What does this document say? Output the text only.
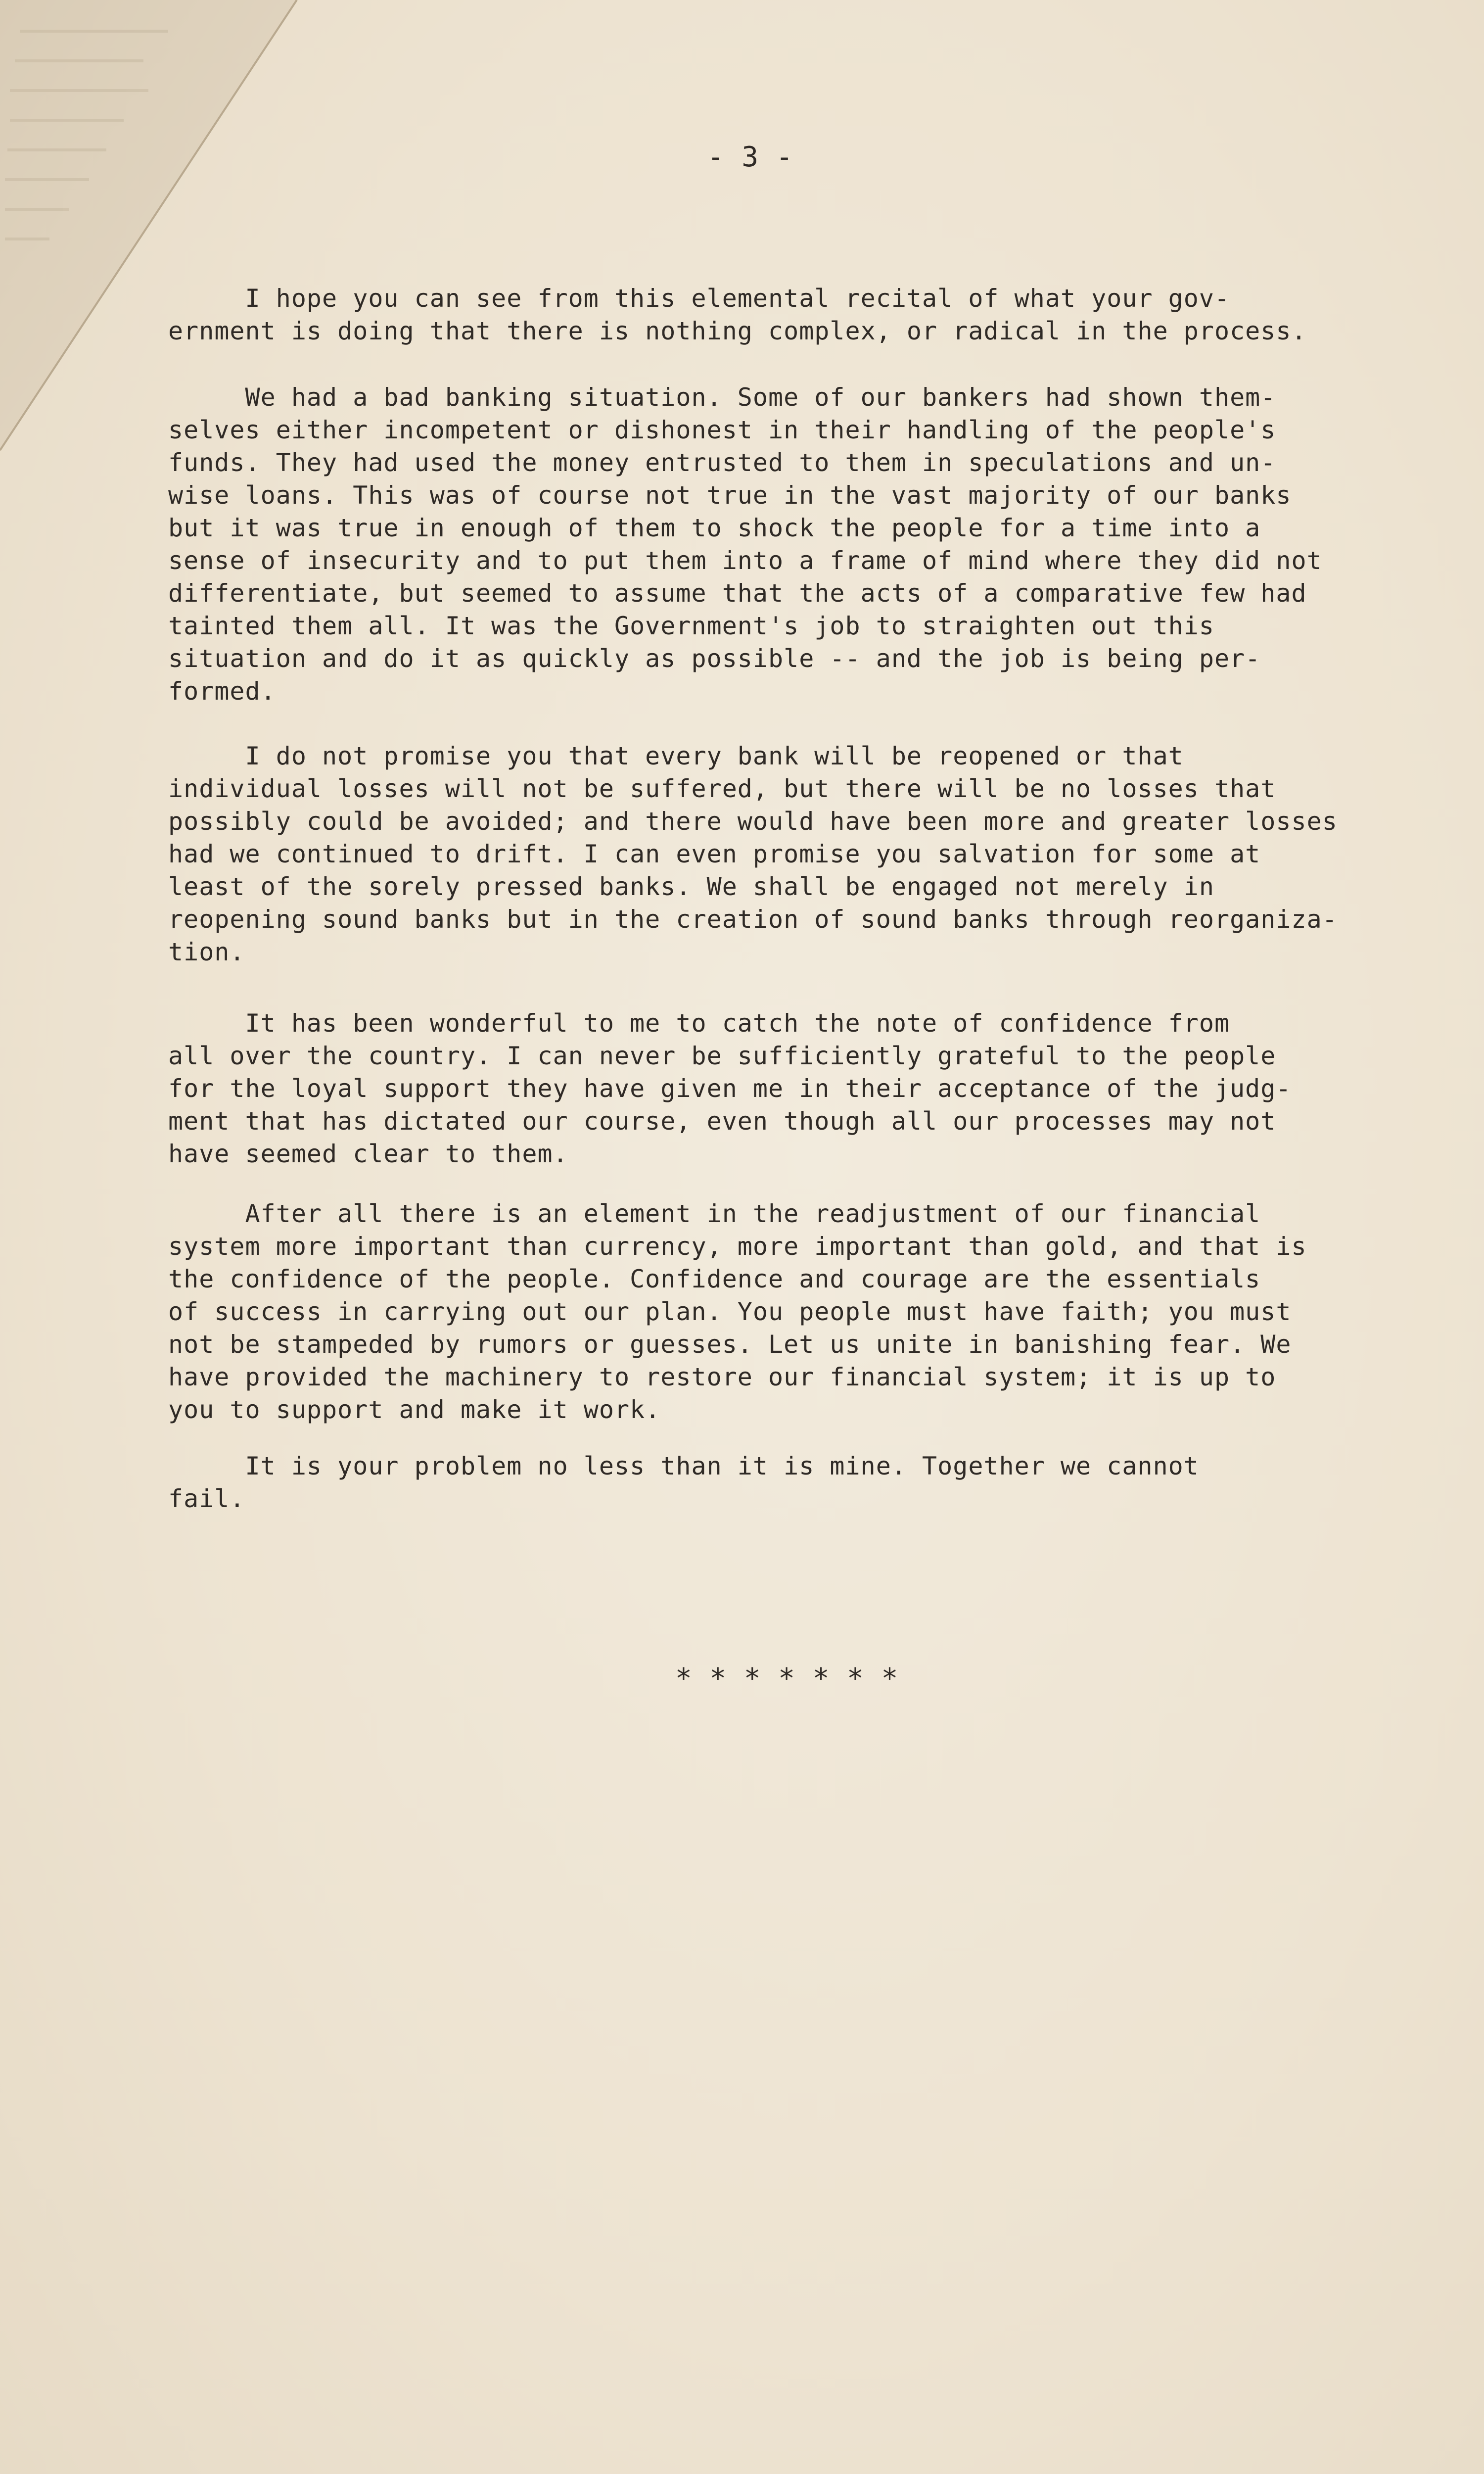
- 3 -

I hope you can see from this elemental recital of what your gov-
ernment is doing that there is nothing complex, or radical in the process.

We had a bad banking situation. Some of our bankers had shown them-
selves either incompetent or dishonest in their handling of the people's
funds. They had used the money entrusted to them in speculations and un-
wise loans. This was of course not true in the vast majority of our banks
but it was true in enough of them to shock the people for a time into a
sense of insecurity and to put them into a frame of mind where they did not
differentiate, but seemed to assume that the acts of a comparative few had
tainted them all. It was the Government's job to straighten out this
situation and do it as quickly as possible -- and the job is being per-
formed.

I do not promise you that every bank will be reopened or that
individual losses will not be suffered, but there will be no losses that
possibly could be avoided; and there would have been more and greater losses
had we continued to drift. I can even promise you salvation for some at
least of the sorely pressed banks. We shall be engaged not merely in
reopening sound banks but in the creation of sound banks through reorganiza-
tion.

It has been wonderful to me to catch the note of confidence from
all over the country. I can never be sufficiently grateful to the people
for the loyal support they have given me in their acceptance of the judg-
ment that has dictated our course, even though all our processes may not
have seemed clear to them.

After all there is an element in the readjustment of our financial
system more important than currency, more important than gold, and that is
the confidence of the people. Confidence and courage are the essentials
of success in carrying out our plan. You people must have faith; you must
not be stampeded by rumors or guesses. Let us unite in banishing fear. We
have provided the machinery to restore our financial system; it is up to
you to support and make it work.

It is your problem no less than it is mine. Together we cannot
fail.

* * * * * * *
